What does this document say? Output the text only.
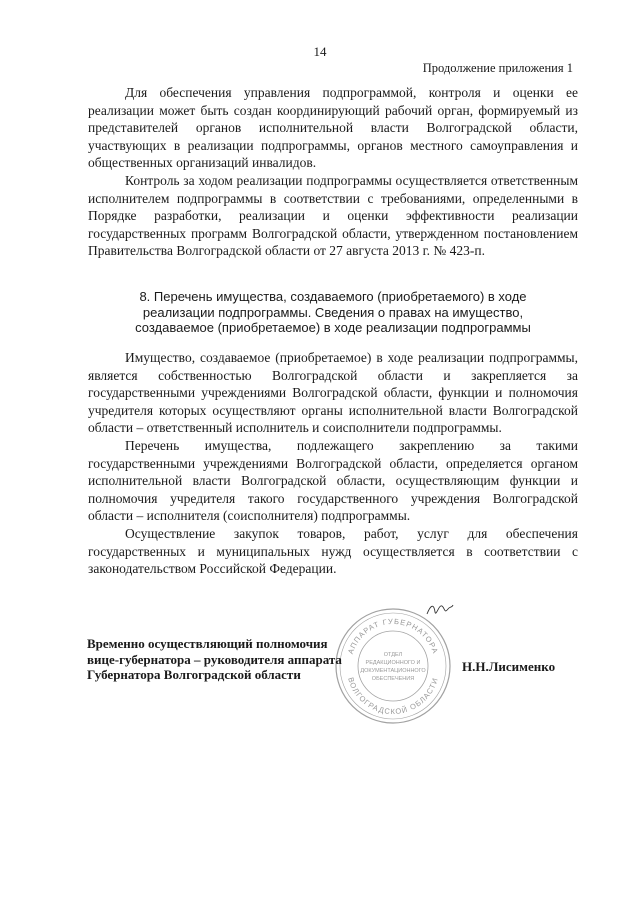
14
Продолжение приложения 1

Для обеспечения управления подпрограммой, контроля и оценки ее реализации может быть создан координирующий рабочий орган, формируемый из представителей органов исполнительной власти Волгоградской области, участвующих в реализации подпрограммы, органов местного самоуправления и общественных организаций инвалидов.

Контроль за ходом реализации подпрограммы осуществляется ответственным исполнителем подпрограммы в соответствии с требованиями, определенными в Порядке разработки, реализации и оценки эффективности реализации государственных программ Волгоградской области, утвержденном постановлением Правительства Волгоградской области от 27 августа 2013 г. № 423-п.

8. Перечень имущества, создаваемого (приобретаемого) в ходе
реализации подпрограммы. Сведения о правах на имущество,
создаваемое (приобретаемое) в ходе реализации подпрограммы

Имущество, создаваемое (приобретаемое) в ходе реализации подпрограммы, является собственностью Волгоградской области и закрепляется за государственными учреждениями Волгоградской области, функции и полномочия учредителя которых осуществляют органы исполнительной власти Волгоградской области – ответственный исполнитель и соисполнители подпрограммы.

Перечень имущества, подлежащего закреплению за такими государственными учреждениями Волгоградской области, определяется органом исполнительной власти Волгоградской области, осуществляющим функции и полномочия учредителя такого государственного учреждения Волгоградской области – исполнителя (соисполнителя) подпрограммы.

Осуществление закупок товаров, работ, услуг для обеспечения государственных и муниципальных нужд осуществляется в соответствии с законодательством Российской Федерации.

АППАРАТ ГУБЕРНАТОРА
ВОЛГОГРАДСКОЙ ОБЛАСТИ
ОТДЕЛ
РЕДАКЦИОННОГО И
ДОКУМЕНТАЦИОННОГО
ОБЕСПЕЧЕНИЯ
Временно осуществляющий полномочия
вице-губернатора – руководителя аппарата
Губернатора Волгоградской области
Н.Н.Лисименко
